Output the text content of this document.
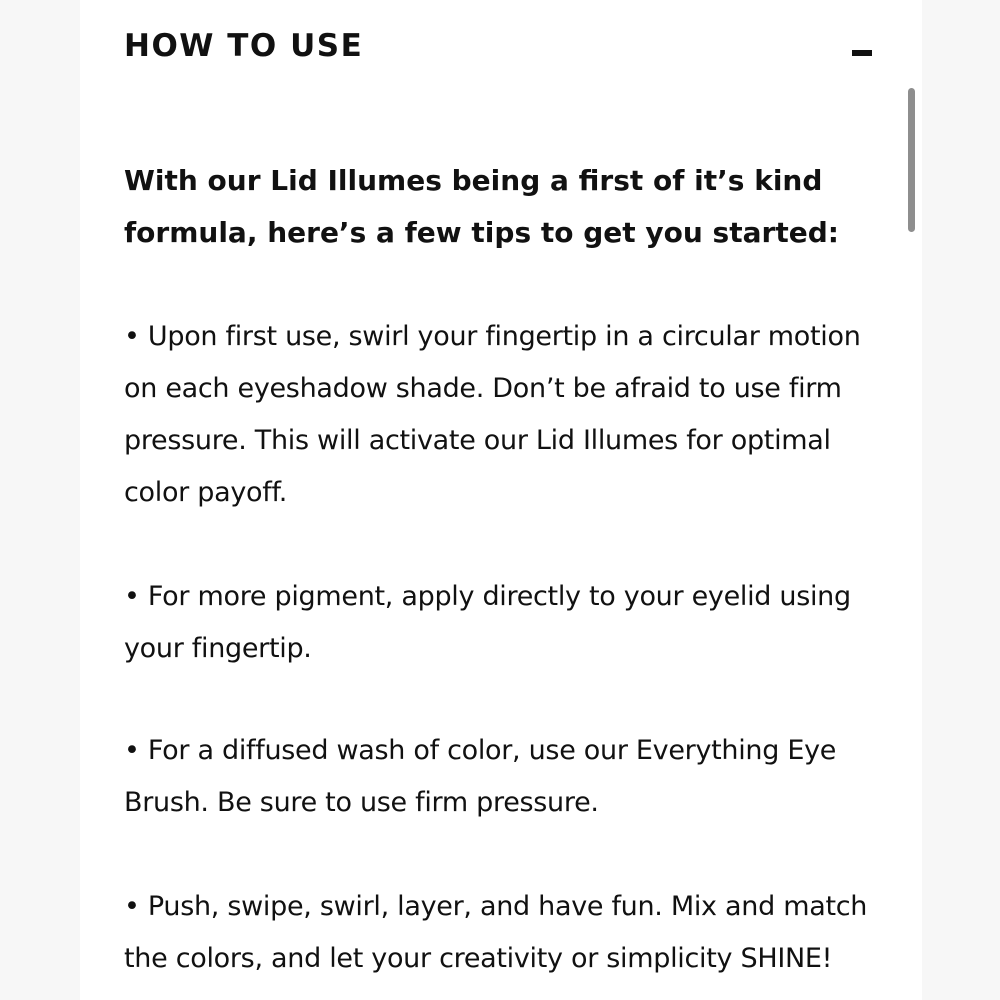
HOW TO USE
With our Lid Illumes being a first of it’s kind formula, here’s a few tips to get you started:
• Upon first use, swirl your fingertip in a circular motion on each eyeshadow shade. Don’t be afraid to use firm pressure. This will activate our Lid Illumes for optimal color payoff.
• For more pigment, apply directly to your eyelid using your fingertip.
• For a diffused wash of color, use our Everything Eye Brush. Be sure to use firm pressure.
• Push, swipe, swirl, layer, and have fun. Mix and match the colors, and let your creativity or simplicity SHINE!
